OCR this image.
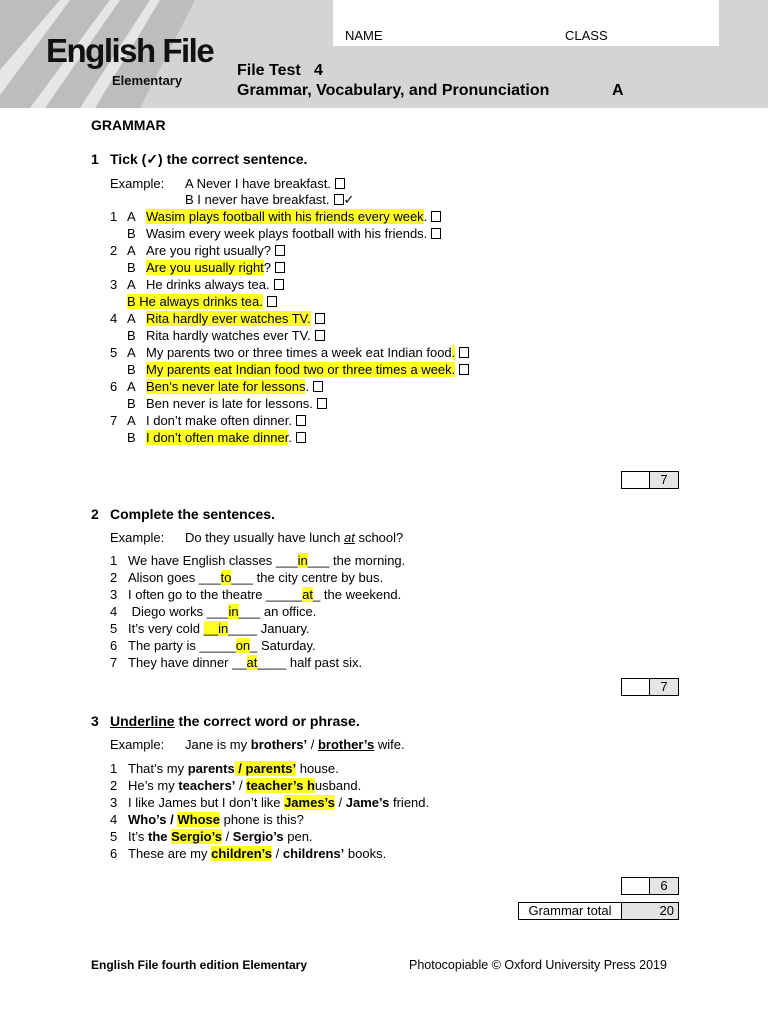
English File
Elementary
NAME	CLASS
File Test   4
Grammar, Vocabulary, and Pronunciation	A
GRAMMAR
1 Tick (✓) the correct sentence.
Example: A Never I have breakfast.
B I never have breakfast. ✓
1 A Wasim plays football with his friends every week.
B Wasim every week plays football with his friends.
2 A Are you right usually?
B Are you usually right?
3 A He drinks always tea.
B He always drinks tea.
4 A Rita hardly ever watches TV.
B Rita hardly watches ever TV.
5 A My parents two or three times a week eat Indian food.
B My parents eat Indian food two or three times a week.
6 A Ben’s never late for lessons.
B Ben never is late for lessons.
7 A I don’t make often dinner.
B I don’t often make dinner.
7
2 Complete the sentences.
Example: Do they usually have lunch at school?
1 We have English classes ___in___ the morning.
2 Alison goes ___to___ the city centre by bus.
3 I often go to the theatre _____at_ the weekend.
4 Diego works ___in___ an office.
5 It’s very cold __in____ January.
6 The party is _____on_ Saturday.
7 They have dinner __at____ half past six.
7
3 Underline the correct word or phrase.
Example: Jane is my brothers’ / brother’s wife.
1 That’s my parents / parents’ house.
2 He’s my teachers’ / teacher’s husband.
3 I like James but I don’t like James’s / Jame’s friend.
4 Who’s / Whose phone is this?
5 It’s the Sergio’s / Sergio’s pen.
6 These are my children’s / childrens’ books.
6
Grammar total	20
English File fourth edition Elementary	Photocopiable © Oxford University Press 2019
